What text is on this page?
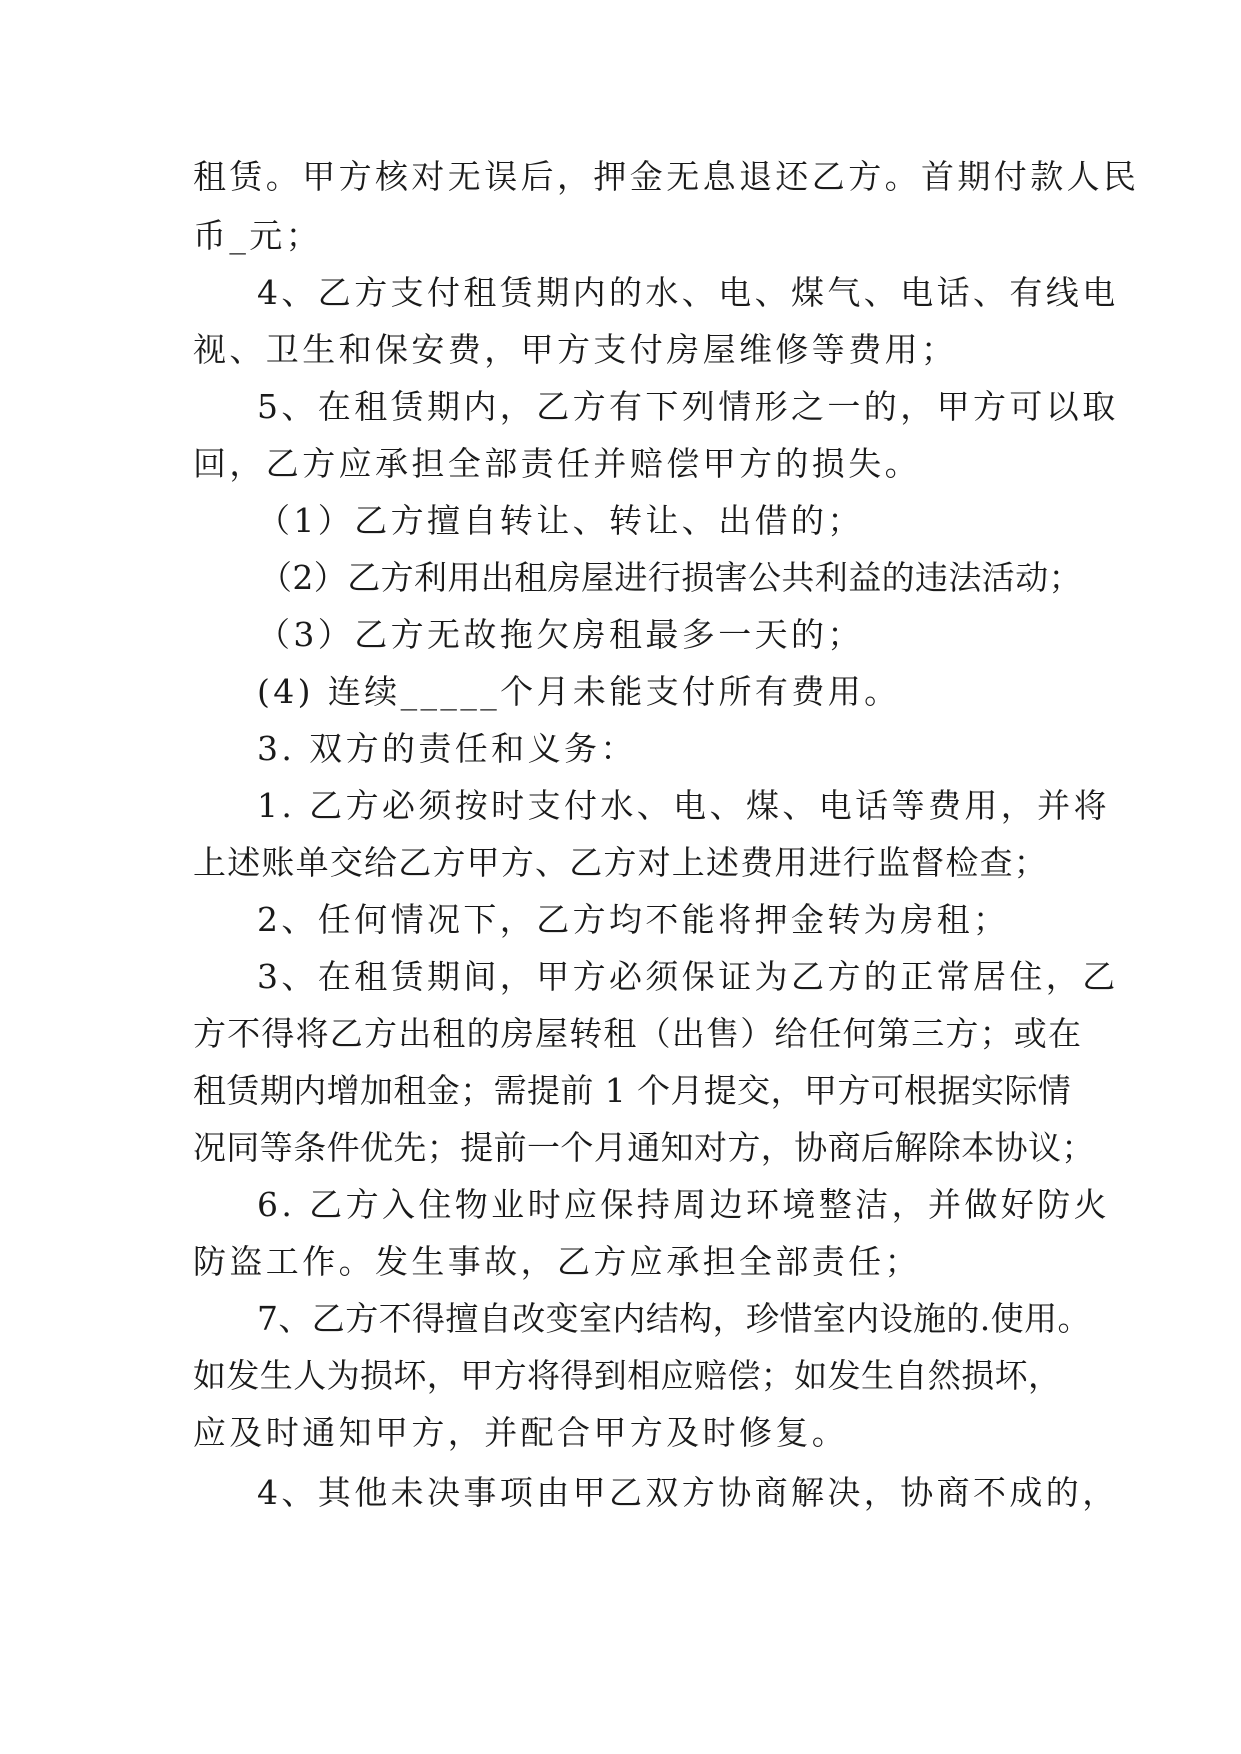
租赁。甲方核对无误后，押金无息退还乙方。首期付款人民
币_元；
4、乙方支付租赁期内的水、电、煤气、电话、有线电
视、卫生和保安费，甲方支付房屋维修等费用；
5、在租赁期内，乙方有下列情形之一的，甲方可以取
回，乙方应承担全部责任并赔偿甲方的损失。
（1）乙方擅自转让、转让、出借的；
（2）乙方利用出租房屋进行损害公共利益的违法活动；
（3）乙方无故拖欠房租最多一天的；
(4) 连续_____个月未能支付所有费用。
3. 双方的责任和义务：
1. 乙方必须按时支付水、电、煤、电话等费用，并将
上述账单交给乙方甲方、乙方对上述费用进行监督检查；
2、任何情况下，乙方均不能将押金转为房租；
3、在租赁期间，甲方必须保证为乙方的正常居住，乙
方不得将乙方出租的房屋转租（出售）给任何第三方；或在
租赁期内增加租金；需提前 1 个月提交，甲方可根据实际情
况同等条件优先；提前一个月通知对方，协商后解除本协议；
6. 乙方入住物业时应保持周边环境整洁，并做好防火
防盗工作。发生事故，乙方应承担全部责任；
7、乙方不得擅自改变室内结构，珍惜室内设施的.使用。
如发生人为损坏，甲方将得到相应赔偿；如发生自然损坏，
应及时通知甲方，并配合甲方及时修复。
4、其他未决事项由甲乙双方协商解决，协商不成的，
